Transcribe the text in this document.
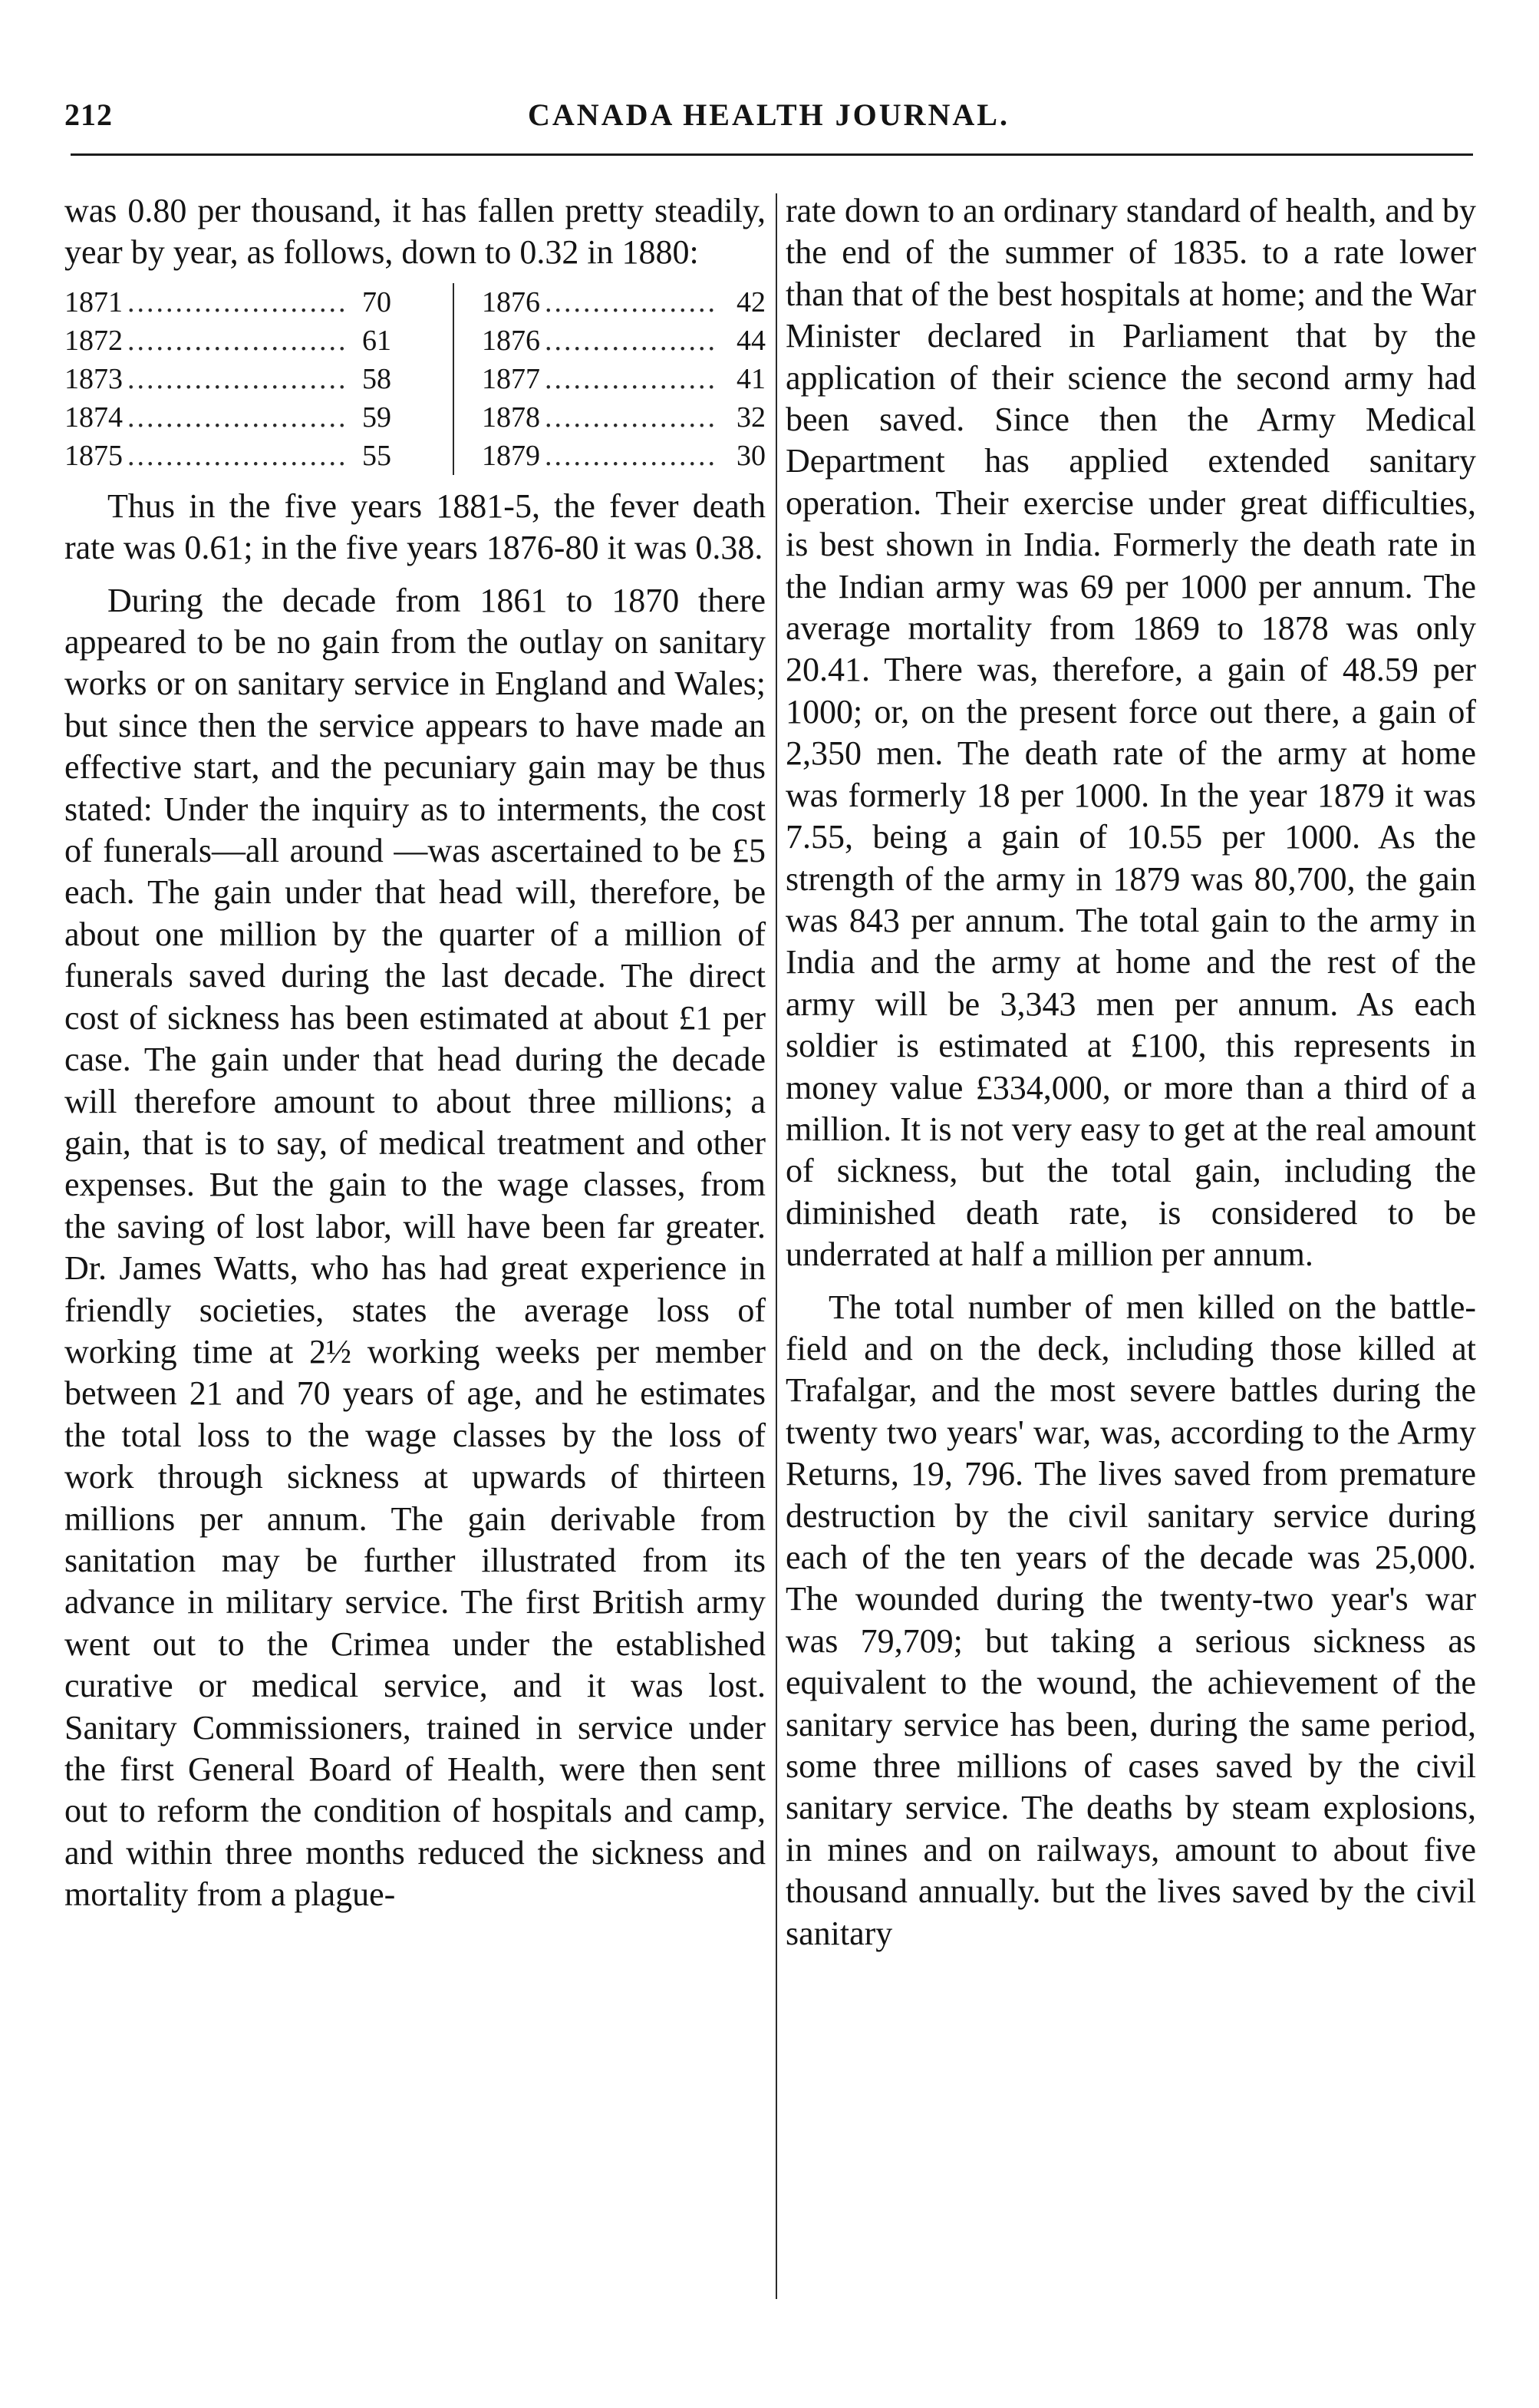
212	CANADA HEALTH JOURNAL.

was 0.80 per thousand, it has fallen pretty steadily, year by year, as follows, down to 0.32 in 1880:

1871 .....	70
1872 .....	61
1873 .....	58
1874 .....	59
1875 .....	55
1876 .....	42
1876 .....	44
1877 .....	41
1878 .....	32
1879 .....	30

Thus in the five years 1881-5, the fever death rate was 0.61; in the five years 1876-80 it was 0.38.

During the decade from 1861 to 1870 there appeared to be no gain from the outlay on sanitary works or on sanitary service in England and Wales; but since then the service appears to have made an effective start, and the pecuniary gain may be thus stated: Under the inquiry as to interments, the cost of funerals—all around —was ascertained to be £5 each. The gain under that head will, therefore, be about one million by the quarter of a million of funerals saved during the last decade. The direct cost of sickness has been estimated at about £1 per case. The gain under that head during the decade will therefore amount to about three millions; a gain, that is to say, of medical treatment and other expenses. But the gain to the wage classes, from the saving of lost labor, will have been far greater. Dr. James Watts, who has had great experience in friendly societies, states the average loss of working time at 2½ working weeks per member between 21 and 70 years of age, and he estimates the total loss to the wage classes by the loss of work through sickness at upwards of thirteen millions per annum. The gain derivable from sanitation may be further illustrated from its advance in military service. The first British army went out to the Crimea under the established curative or medical service, and it was lost. Sanitary Commissioners, trained in service under the first General Board of Health, were then sent out to reform the condition of hospitals and camp, and within three months reduced the sickness and mortality from a plague-

rate down to an ordinary standard of health, and by the end of the summer of 1835. to a rate lower than that of the best hospitals at home; and the War Minister declared in Parliament that by the application of their science the second army had been saved. Since then the Army Medical Department has applied extended sanitary operation. Their exercise under great difficulties, is best shown in India. Formerly the death rate in the Indian army was 69 per 1000 per annum. The average mortality from 1869 to 1878 was only 20.41. There was, therefore, a gain of 48.59 per 1000; or, on the present force out there, a gain of 2,350 men. The death rate of the army at home was formerly 18 per 1000. In the year 1879 it was 7.55, being a gain of 10.55 per 1000. As the strength of the army in 1879 was 80,700, the gain was 843 per annum. The total gain to the army in India and the army at home and the rest of the army will be 3,343 men per annum. As each soldier is estimated at £100, this represents in money value £334,000, or more than a third of a million. It is not very easy to get at the real amount of sickness, but the total gain, including the diminished death rate, is considered to be underrated at half a million per annum.

The total number of men killed on the battle-field and on the deck, including those killed at Trafalgar, and the most severe battles during the twenty two years' war, was, according to the Army Returns, 19, 796. The lives saved from premature destruction by the civil sanitary service during each of the ten years of the decade was 25,000. The wounded during the twenty-two year's war was 79,709; but taking a serious sickness as equivalent to the wound, the achievement of the sanitary service has been, during the same period, some three millions of cases saved by the civil sanitary service. The deaths by steam explosions, in mines and on railways, amount to about five thousand annually. but the lives saved by the civil sanitary
